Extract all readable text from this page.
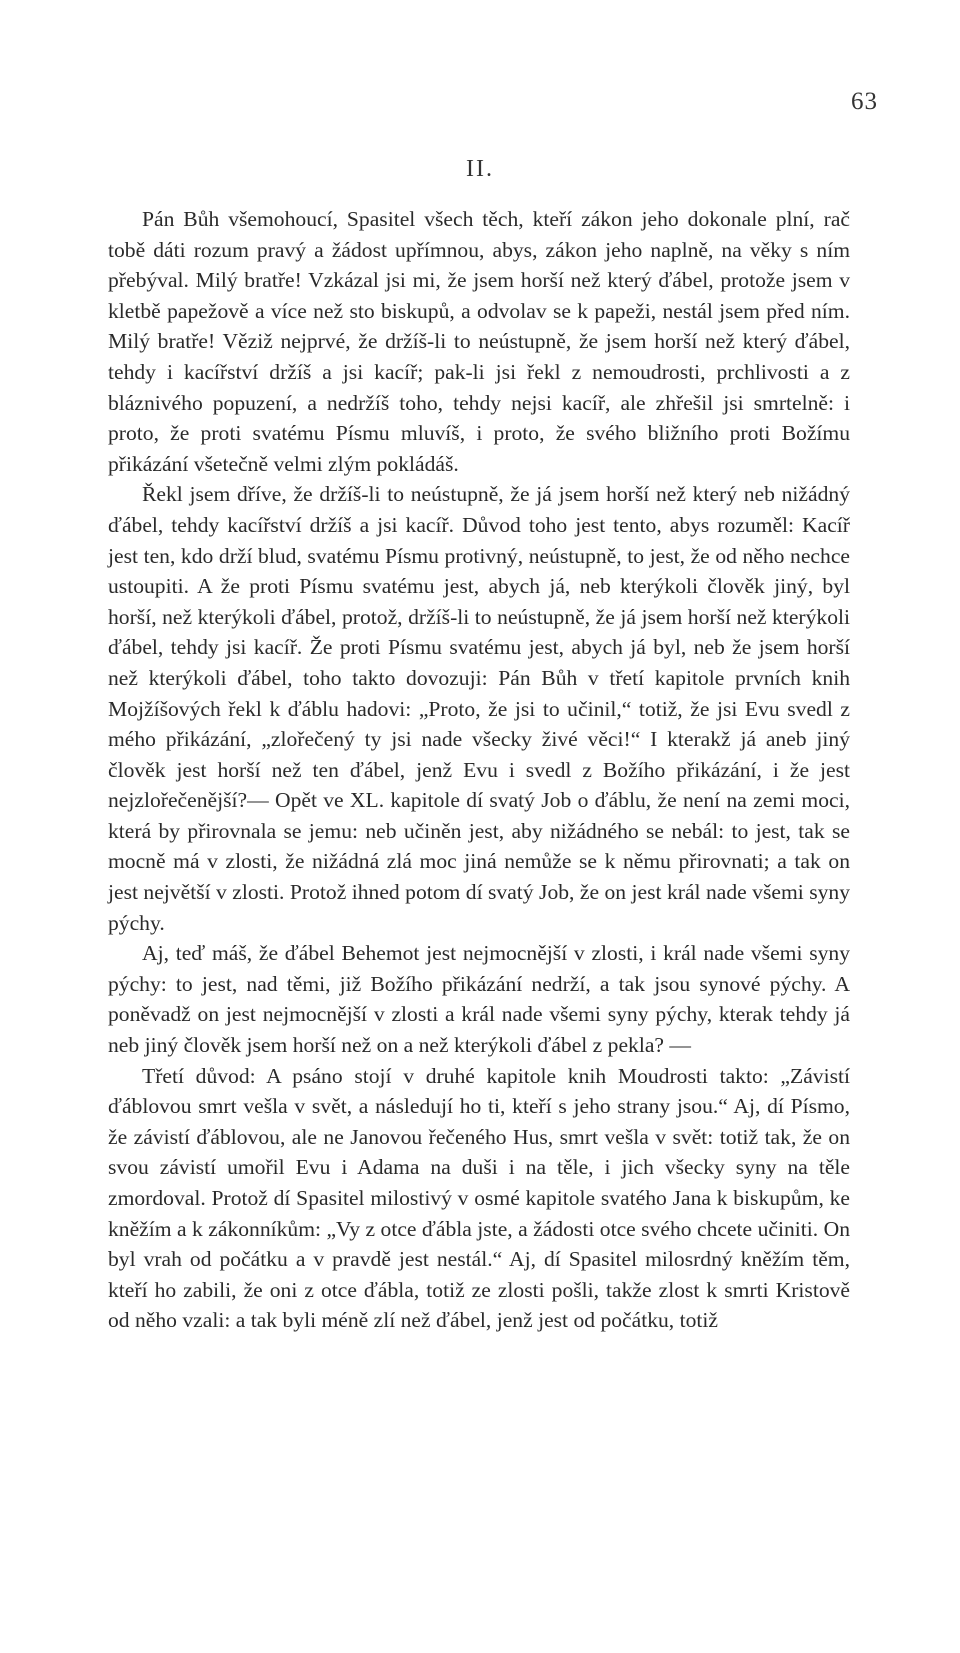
63
II.

Pán Bůh všemohoucí, Spasitel všech těch, kteří zákon jeho dokonale plní, rač tobě dáti rozum pravý a žádost upřímnou, abys, zákon jeho naplně, na věky s ním přebýval. Milý bratře! Vzkázal jsi mi, že jsem horší než který ďábel, protože jsem v kletbě papežově a více než sto biskupů, a odvolav se k papeži, nestál jsem před ním. Milý bratře! Věziž nejprvé, že držíš-li to neústupně, že jsem horší než který ďábel, tehdy i kacířství držíš a jsi kacíř; pak-li jsi řekl z nemoudrosti, prchlivosti a z bláznivého popuzení, a nedržíš toho, tehdy nejsi kacíř, ale zhřešil jsi smrtelně: i proto, že proti svatému Písmu mluvíš, i proto, že svého bližního proti Božímu přikázání všetečně velmi zlým pokládáš.

Řekl jsem dříve, že držíš-li to neústupně, že já jsem horší než který neb nižádný ďábel, tehdy kacířství držíš a jsi kacíř. Důvod toho jest tento, abys rozuměl: Kacíř jest ten, kdo drží blud, svatému Písmu protivný, neústupně, to jest, že od něho nechce ustoupiti. A že proti Písmu svatému jest, abych já, neb kterýkoli člověk jiný, byl horší, než kterýkoli ďábel, protož, držíš-li to neústupně, že já jsem horší než kterýkoli ďábel, tehdy jsi kacíř. Že proti Písmu svatému jest, abych já byl, neb že jsem horší než kterýkoli ďábel, toho takto dovozuji: Pán Bůh v třetí kapitole prvních knih Mojžíšových řekl k ďáblu hadovi: „Proto, že jsi to učinil,“ totiž, že jsi Evu svedl z mého přikázání, „zlořečený ty jsi nade všecky živé věci!“ I kterakž já aneb jiný člověk jest horší než ten ďábel, jenž Evu i svedl z Božího přikázání, i že jest nejzlořečenější?— Opět ve XL. kapitole dí svatý Job o ďáblu, že není na zemi moci, která by přirovnala se jemu: neb učiněn jest, aby nižádného se nebál: to jest, tak se mocně má v zlosti, že nižádná zlá moc jiná nemůže se k němu přirovnati; a tak on jest největší v zlosti. Protož ihned potom dí svatý Job, že on jest král nade všemi syny pýchy.

Aj, teď máš, že ďábel Behemot jest nejmocnější v zlosti, i král nade všemi syny pýchy: to jest, nad těmi, již Božího přikázání nedrží, a tak jsou synové pýchy. A poněvadž on jest nejmocnější v zlosti a král nade všemi syny pýchy, kterak tehdy já neb jiný člověk jsem horší než on a než kterýkoli ďábel z pekla? —

Třetí důvod: A psáno stojí v druhé kapitole knih Moudrosti takto: „Závistí ďáblovou smrt vešla v svět, a následují ho ti, kteří s jeho strany jsou.“ Aj, dí Písmo, že závistí ďáblovou, ale ne Janovou řečeného Hus, smrt vešla v svět: totiž tak, že on svou závistí umořil Evu i Adama na duši i na těle, i jich všecky syny na těle zmordoval. Protož dí Spasitel milostivý v osmé kapitole svatého Jana k biskupům, ke kněžím a k zákonníkům: „Vy z otce ďábla jste, a žádosti otce svého chcete učiniti. On byl vrah od počátku a v pravdě jest nestál.“ Aj, dí Spasitel milosrdný kněžím těm, kteří ho zabili, že oni z otce ďábla, totiž ze zlosti pošli, takže zlost k smrti Kristově od něho vzali: a tak byli méně zlí než ďábel, jenž jest od počátku, totiž
